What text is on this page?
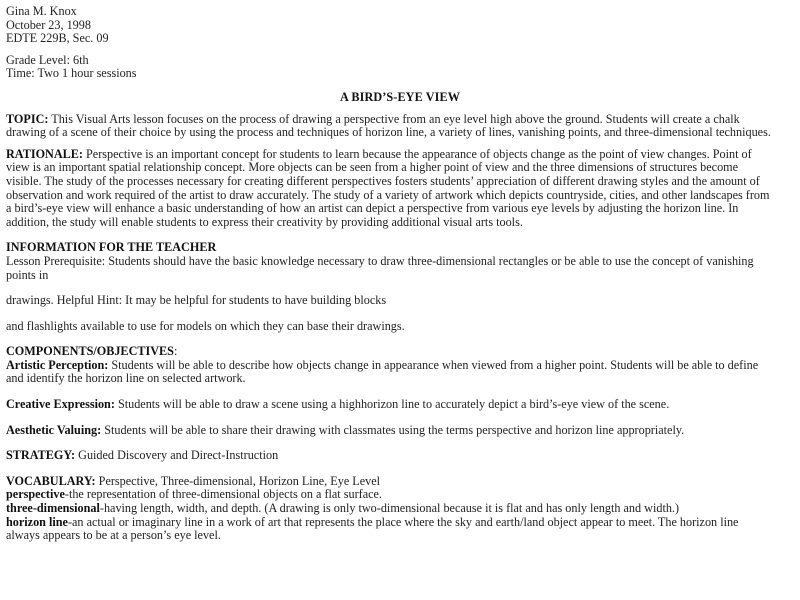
Gina M. Knox
October 23, 1998
EDTE 229B, Sec. 09
Grade Level: 6th
Time: Two 1 hour sessions
A BIRD’S-EYE VIEW
TOPIC: This Visual Arts lesson focuses on the process of drawing a perspective from an eye level high above the ground. Students will create a chalk
drawing of a scene of their choice by using the process and techniques of horizon line, a variety of lines, vanishing points, and three-dimensional techniques.
RATIONALE: Perspective is an important concept for students to learn because the appearance of objects change as the point of view changes. Point of
view is an important spatial relationship concept. More objects can be seen from a higher point of view and the three dimensions of structures become
visible. The study of the processes necessary for creating different perspectives fosters students’ appreciation of different drawing styles and the amount of
observation and work required of the artist to draw accurately. The study of a variety of artwork which depicts countryside, cities, and other landscapes from
a bird’s-eye view will enhance a basic understanding of how an artist can depict a perspective from various eye levels by adjusting the horizon line. In
addition, the study will enable students to express their creativity by providing additional visual arts tools.
INFORMATION FOR THE TEACHER
Lesson Prerequisite: Students should have the basic knowledge necessary to draw three-dimensional rectangles or be able to use the concept of vanishing
points in
drawings. Helpful Hint: It may be helpful for students to have building blocks
and flashlights available to use for models on which they can base their drawings.
COMPONENTS/OBJECTIVES:
Artistic Perception: Students will be able to describe how objects change in appearance when viewed from a higher point. Students will be able to define
and identify the horizon line on selected artwork.
Creative Expression: Students will be able to draw a scene using a highhorizon line to accurately depict a bird’s-eye view of the scene.
Aesthetic Valuing: Students will be able to share their drawing with classmates using the terms perspective and horizon line appropriately.
STRATEGY: Guided Discovery and Direct-Instruction
VOCABULARY: Perspective, Three-dimensional, Horizon Line, Eye Level
perspective-the representation of three-dimensional objects on a flat surface.
three-dimensional-having length, width, and depth. (A drawing is only two-dimensional because it is flat and has only length and width.)
horizon line-an actual or imaginary line in a work of art that represents the place where the sky and earth/land object appear to meet. The horizon line
always appears to be at a person’s eye level.
